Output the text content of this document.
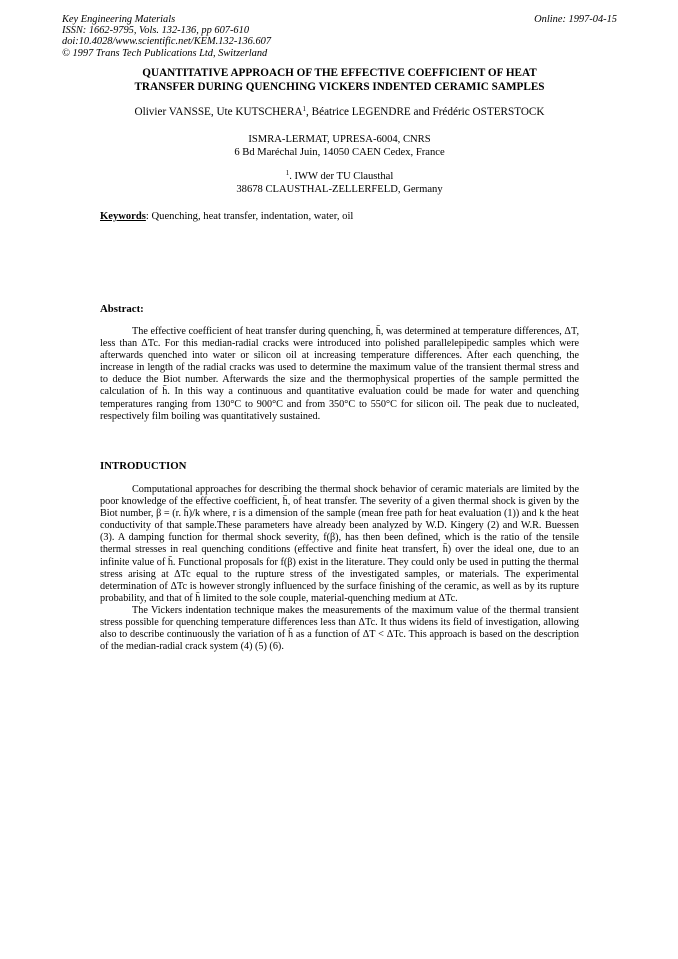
Key Engineering Materials
ISSN: 1662-9795, Vols. 132-136, pp 607-610
doi:10.4028/www.scientific.net/KEM.132-136.607
© 1997 Trans Tech Publications Ltd, Switzerland
Online: 1997-04-15
QUANTITATIVE APPROACH OF THE EFFECTIVE COEFFICIENT OF HEAT
TRANSFER DURING QUENCHING VICKERS INDENTED CERAMIC SAMPLES
Olivier VANSSE, Ute KUTSCHERA$^1$, Béatrice LEGENDRE and Frédéric OSTERSTOCK
ISMRA-LERMAT, UPRESA-6004, CNRS
6 Bd Maréchal Juin, 14050 CAEN Cedex, France
$^1$. IWW der TU Clausthal
38678 CLAUSTHAL-ZELLERFELD, Germany
Keywords: Quenching, heat transfer, indentation, water, oil
Abstract:

The effective coefficient of heat transfer during quenching, h̄, was determined at temperature differences, ΔT, less than ΔTc. For this median-radial cracks were introduced into polished parallelepipedic samples which were afterwards quenched into water or silicon oil at increasing temperature differences. After each quenching, the increase in length of the radial cracks was used to determine the maximum value of the transient thermal stress and to deduce the Biot number. Afterwards the size and the thermophysical properties of the sample permitted the calculation of h̄. In this way a continuous and quantitative evaluation could be made for water and quenching temperatures ranging from 130°C to 900°C and from 350°C to 550°C for silicon oil. The peak due to nucleated, respectively film boiling was quantitatively sustained.

INTRODUCTION

Computational approaches for describing the thermal shock behavior of ceramic materials are limited by the poor knowledge of the effective coefficient, h̄, of heat transfer. The severity of a given thermal shock is given by the Biot number, β = (r. h̄)/k where, r is a dimension of the sample (mean free path for heat evaluation (1)) and k the heat conductivity of that sample.These parameters have already been analyzed by W.D. Kingery (2) and W.R. Buessen (3). A damping function for thermal shock severity, f(β), has then been defined, which is the ratio of the tensile thermal stresses in real quenching conditions (effective and finite heat transfert, h̄) over the ideal one, due to an infinite value of h̄. Functional proposals for f(β) exist in the literature. They could only be used in putting the thermal stress arising at ΔTc equal to the rupture stress of the investigated samples, or materials. The experimental determination of ΔTc is however strongly influenced by the surface finishing of the ceramic, as well as by its rupture probability, and that of h̄ limited to the sole couple, material-quenching medium at ΔTc.

The Vickers indentation technique makes the measurements of the maximum value of the thermal transient stress possible for quenching temperature differences less than ΔTc. It thus widens its field of investigation, allowing also to describe continuously the variation of h̄ as a function of ΔT < ΔTc. This approach is based on the description of the median-radial crack system (4) (5) (6).
